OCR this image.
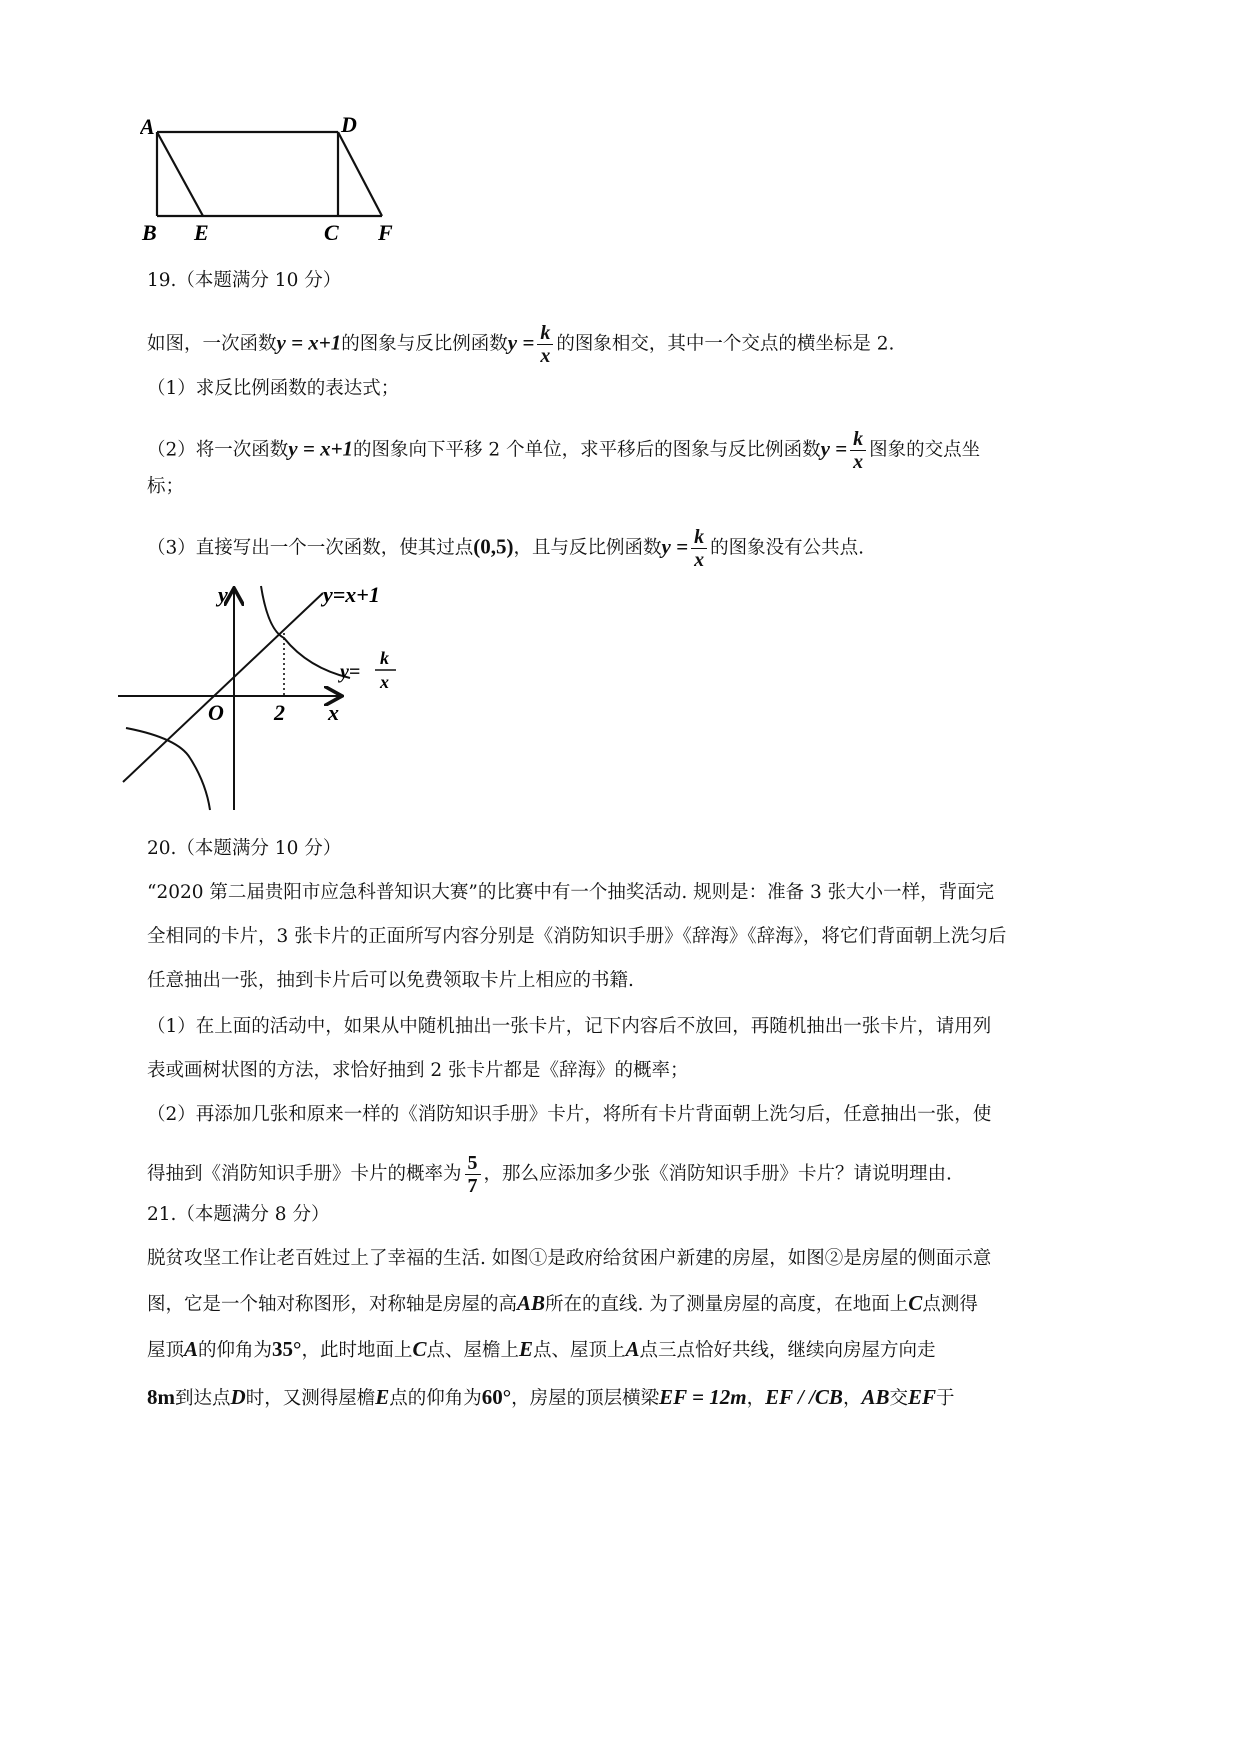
A	D
B E	C F
19.（本题满分 10 分）
如图，一次函数y = x+1的图象与反比例函数$y = \frac{k}{x}$ 的图象相交，其中一个交点的横坐标是 2.
（1）求反比例函数的表达式；
（2）将一次函数y = x+1的图象向下平移 2 个单位，求平移后的图象与反比例函数$y = \frac{k}{x}$ 图象的交点坐
标；
（3）直接写出一个一次函数，使其过点(0,5)，且与反比例函数$y = \frac{k}{x}$ 的图象没有公共点.
y
x
O 2
y=x+1
y=
k
x
20.（本题满分 10 分）
“2020 第二届贵阳市应急科普知识大赛”的比赛中有一个抽奖活动. 规则是：准备 3 张大小一样，背面完
全相同的卡片，3 张卡片的正面所写内容分别是《消防知识手册》《辞海》《辞海》，将它们背面朝上洗匀后
任意抽出一张，抽到卡片后可以免费领取卡片上相应的书籍.
（1）在上面的活动中，如果从中随机抽出一张卡片，记下内容后不放回，再随机抽出一张卡片，请用列
表或画树状图的方法，求恰好抽到 2 张卡片都是《辞海》的概率；
（2）再添加几张和原来一样的《消防知识手册》卡片，将所有卡片背面朝上洗匀后，任意抽出一张，使
得抽到《消防知识手册》卡片的概率为 $\frac{5}{7}$ ，那么应添加多少张《消防知识手册》卡片？请说明理由.
21.（本题满分 8 分）
脱贫攻坚工作让老百姓过上了幸福的生活. 如图①是政府给贫困户新建的房屋，如图②是房屋的侧面示意
图，它是一个轴对称图形，对称轴是房屋的高AB所在的直线. 为了测量房屋的高度，在地面上C点测得
屋顶A的仰角为35°，此时地面上C点、屋檐上E点、屋顶上A点三点恰好共线，继续向房屋方向走
8m到达点D时，又测得屋檐E点的仰角为60°，房屋的顶层横梁EF = 12m，EF / /CB，AB交EF于
